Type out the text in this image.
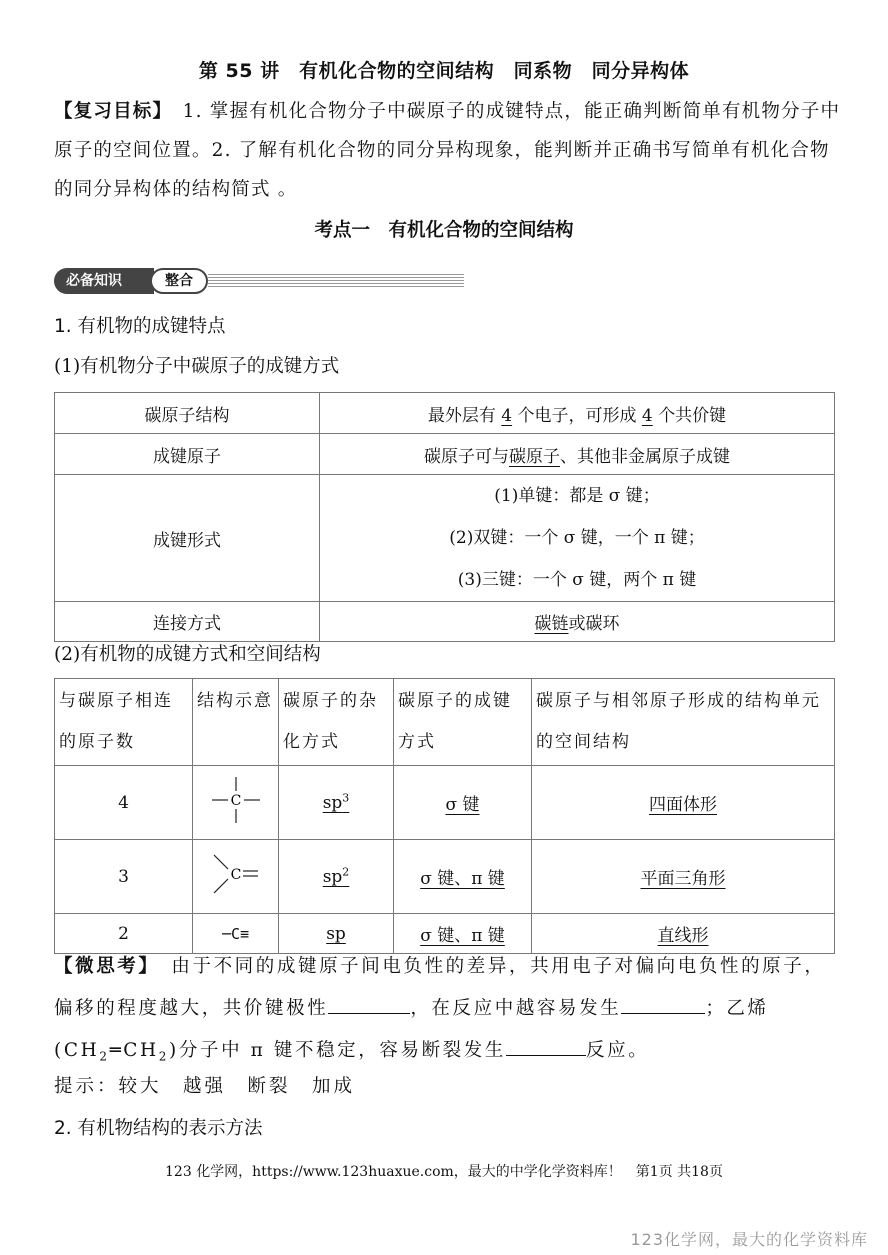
第 55 讲　有机化合物的空间结构　同系物　同分异构体
【复习目标】　1. 掌握有机化合物分子中碳原子的成键特点，能正确判断简单有机物分子中原子的空间位置。2. 了解有机化合物的同分异构现象，能判断并正确书写简单有机化合物的同分异构体的结构简式 。
考点一　有机化合物的空间结构
必备知识	整合
1. 有机物的成键特点
(1)有机物分子中碳原子的成键方式
碳原子结构	最外层有 4 个电子，可形成 4 个共价键
成键原子	碳原子可与碳原子、其他非金属原子成键
成键形式	(1)单键：都是 σ 键；
(2)双键：一个 σ 键，一个 π 键；
(3)三键：一个 σ 键，两个 π 键

连接方式	碳链或碳环
(2)有机物的成键方式和空间结构
与碳原子相连的原子数	结构示意	碳原子的杂化方式	碳原子的成键方式	碳原子与相邻原子形成的结构单元的空间结构
4	C	$sp^3$	σ 键	四面体形
3	C	$sp^2$	σ 键、π 键	平面三角形
2	─C≡	sp	σ 键、π 键	直线形
【微思考】　由于不同的成键原子间电负性的差异，共用电子对偏向电负性的原子，偏移的程度越大，共价键极性	，在反应中越容易发生	；乙烯$(CH_2═CH_2)$分子中 π 键不稳定，容易断裂发生	反应。
提示：较大　越强　断裂　加成
2. 有机物结构的表示方法
123 化学网，https://www.123huaxue.com，最大的中学化学资料库！　第1页 共18页
123化学网，最大的化学资料库
